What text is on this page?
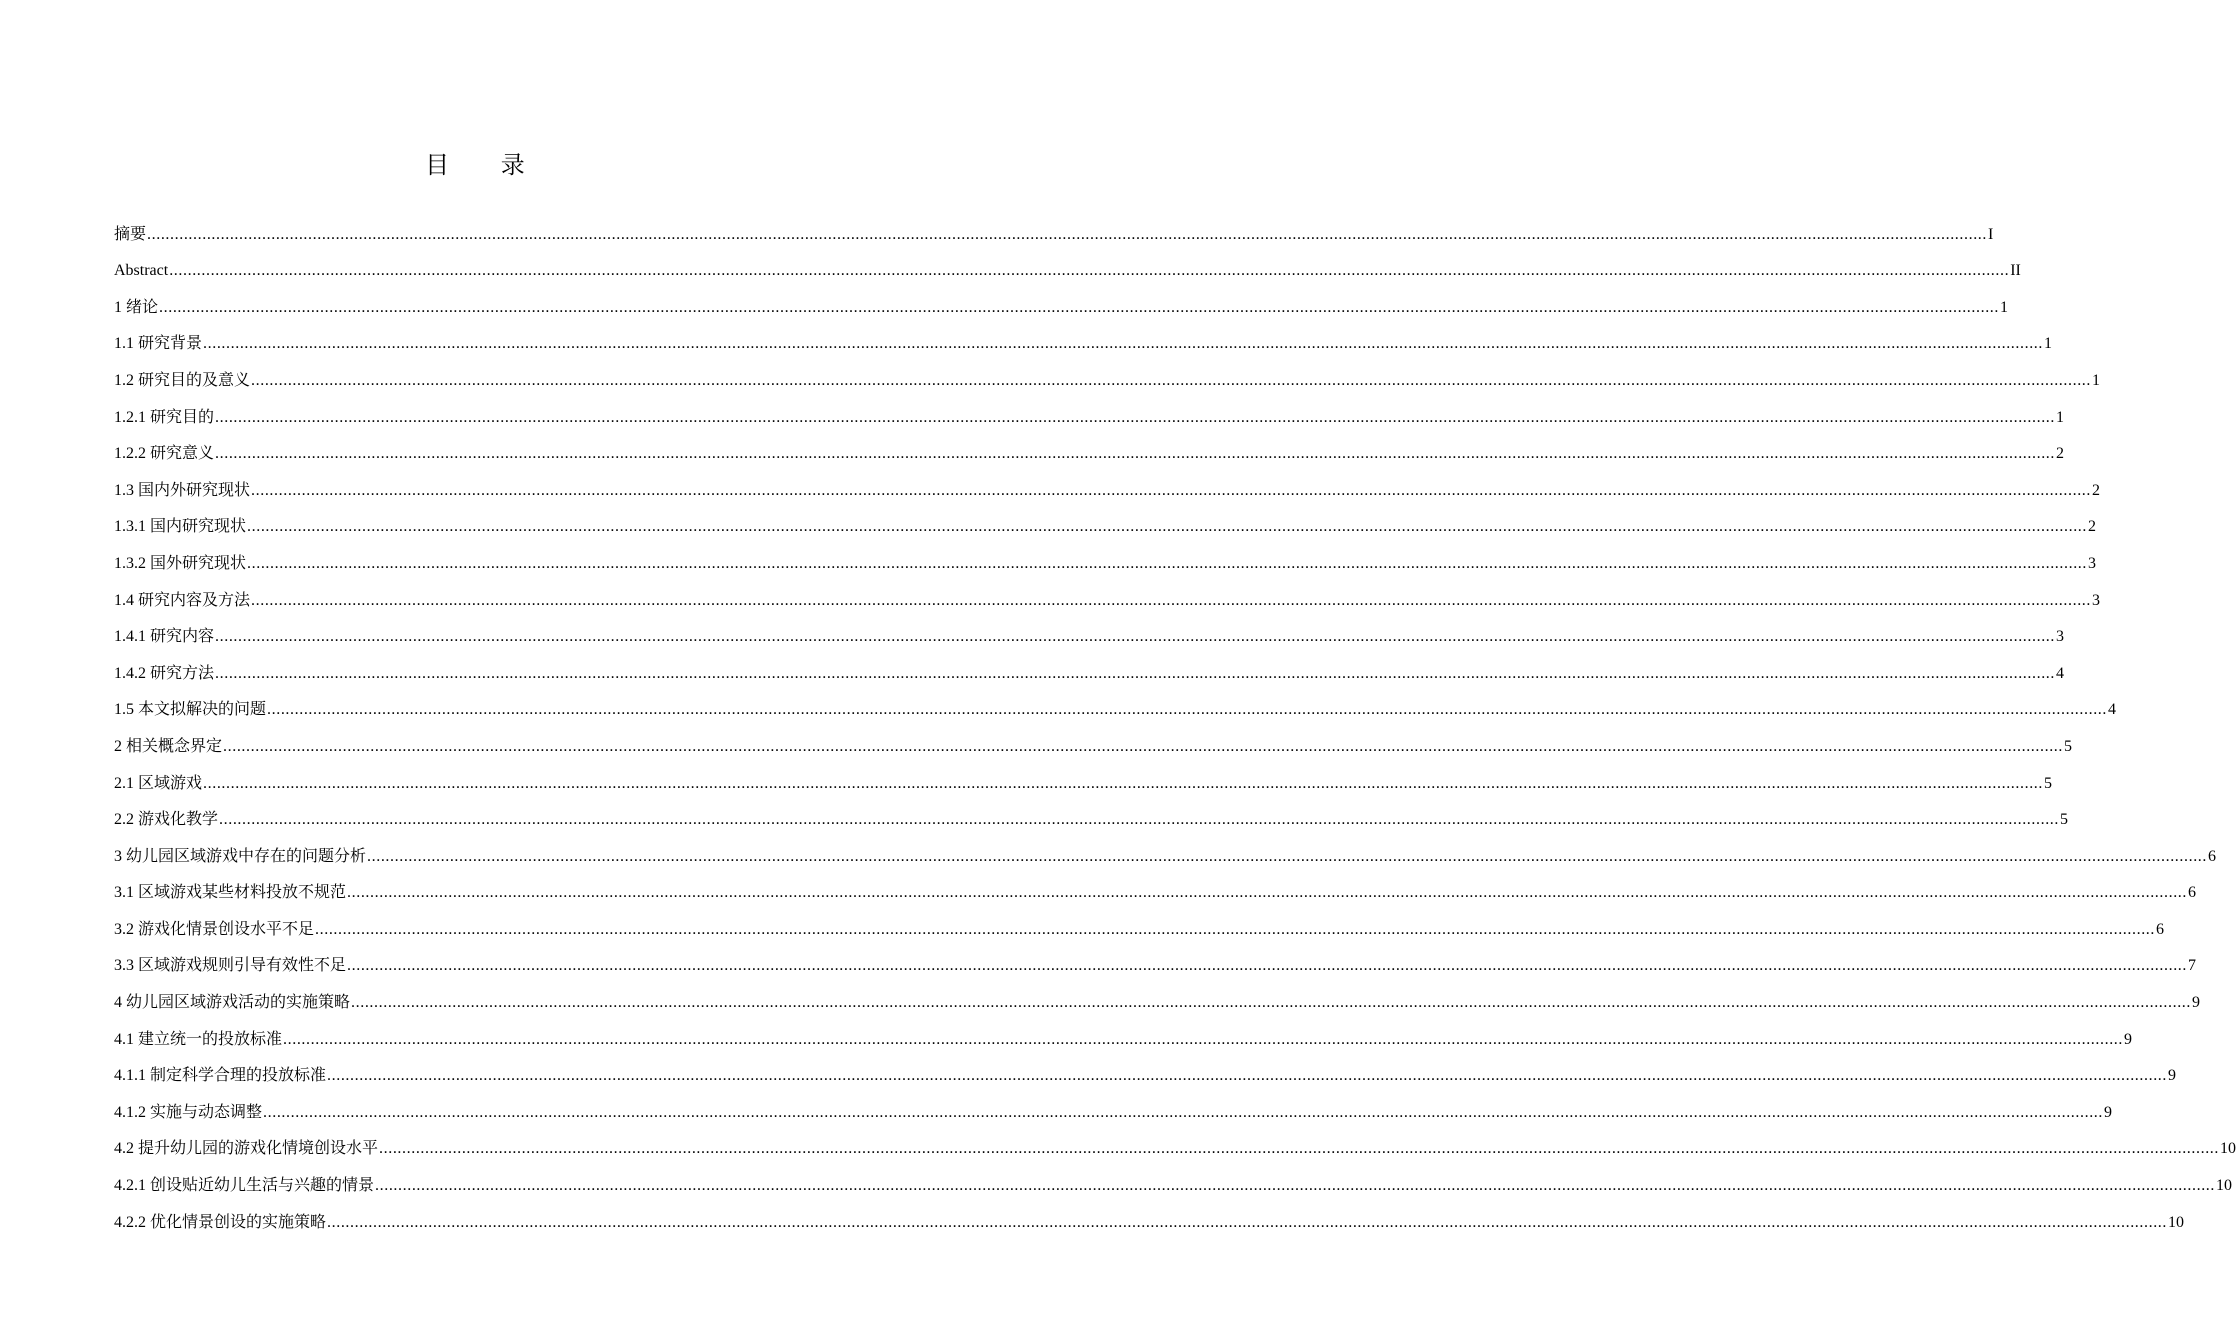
目 录
摘要 ................................................................................................................................................................................................................................................................................................................................................................................................................ I
Abstract ................................................................................................................................................................................................................................................................................................................................................................................................................ II
1 绪论 ................................................................................................................................................................................................................................................................................................................................................................................................................ 1
1.1 研究背景 ................................................................................................................................................................................................................................................................................................................................................................................................................ 1
1.2 研究目的及意义 ................................................................................................................................................................................................................................................................................................................................................................................................................ 1
1.2.1 研究目的 ................................................................................................................................................................................................................................................................................................................................................................................................................ 1
1.2.2 研究意义 ................................................................................................................................................................................................................................................................................................................................................................................................................ 2
1.3 国内外研究现状 ................................................................................................................................................................................................................................................................................................................................................................................................................ 2
1.3.1 国内研究现状 ................................................................................................................................................................................................................................................................................................................................................................................................................ 2
1.3.2 国外研究现状 ................................................................................................................................................................................................................................................................................................................................................................................................................ 3
1.4 研究内容及方法 ................................................................................................................................................................................................................................................................................................................................................................................................................ 3
1.4.1 研究内容 ................................................................................................................................................................................................................................................................................................................................................................................................................ 3
1.4.2 研究方法 ................................................................................................................................................................................................................................................................................................................................................................................................................ 4
1.5 本文拟解决的问题 ................................................................................................................................................................................................................................................................................................................................................................................................................ 4
2 相关概念界定 ................................................................................................................................................................................................................................................................................................................................................................................................................ 5
2.1 区域游戏 ................................................................................................................................................................................................................................................................................................................................................................................................................ 5
2.2 游戏化教学 ................................................................................................................................................................................................................................................................................................................................................................................................................ 5
3 幼儿园区域游戏中存在的问题分析 ................................................................................................................................................................................................................................................................................................................................................................................................................ 6
3.1 区域游戏某些材料投放不规范 ................................................................................................................................................................................................................................................................................................................................................................................................................ 6
3.2 游戏化情景创设水平不足 ................................................................................................................................................................................................................................................................................................................................................................................................................ 6
3.3 区域游戏规则引导有效性不足 ................................................................................................................................................................................................................................................................................................................................................................................................................ 7
4 幼儿园区域游戏活动的实施策略 ................................................................................................................................................................................................................................................................................................................................................................................................................ 9
4.1 建立统一的投放标准 ................................................................................................................................................................................................................................................................................................................................................................................................................ 9
4.1.1 制定科学合理的投放标准 ................................................................................................................................................................................................................................................................................................................................................................................................................ 9
4.1.2 实施与动态调整 ................................................................................................................................................................................................................................................................................................................................................................................................................ 9
4.2 提升幼儿园的游戏化情境创设水平 ................................................................................................................................................................................................................................................................................................................................................................................................................ 10
4.2.1 创设贴近幼儿生活与兴趣的情景 ................................................................................................................................................................................................................................................................................................................................................................................................................ 10
4.2.2 优化情景创设的实施策略 ................................................................................................................................................................................................................................................................................................................................................................................................................ 10
